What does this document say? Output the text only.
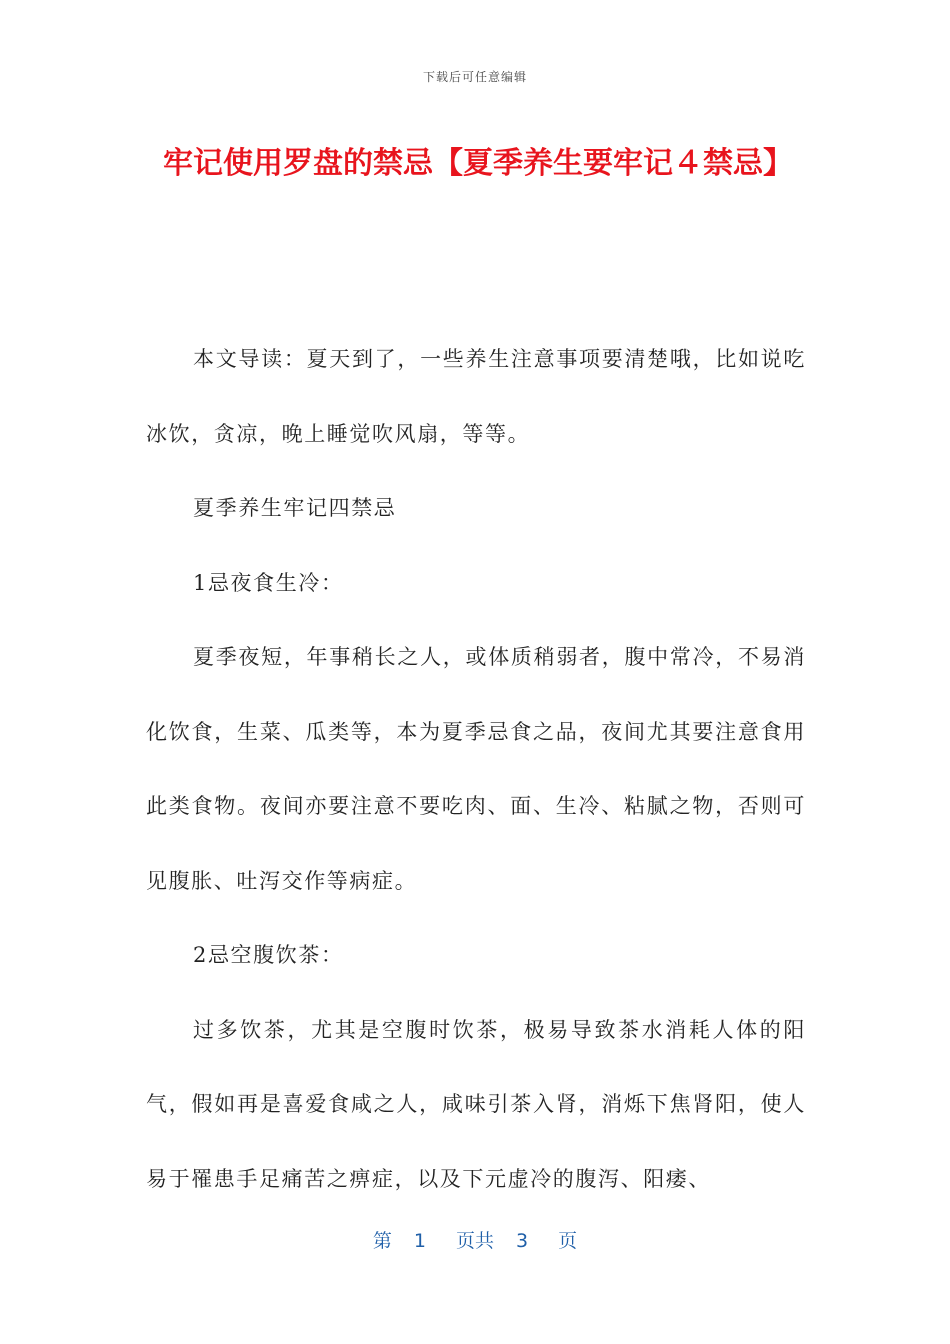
下载后可任意编辑
牢记使用罗盘的禁忌【夏季养生要牢记４禁忌】

本文导读：夏天到了，一些养生注意事项要清楚哦，比如说吃冰饮，贪凉，晚上睡觉吹风扇，等等。

夏季养生牢记四禁忌

1忌夜食生冷：

夏季夜短，年事稍长之人，或体质稍弱者，腹中常冷，不易消化饮食，生菜、瓜类等，本为夏季忌食之品，夜间尤其要注意食用此类食物。夜间亦要注意不要吃肉、面、生冷、粘腻之物，否则可见腹胀、吐泻交作等病症。

2忌空腹饮茶：

过多饮茶，尤其是空腹时饮茶，极易导致茶水消耗人体的阳气，假如再是喜爱食咸之人，咸味引茶入肾，消烁下焦肾阳，使人易于罹患手足痛苦之痹症，以及下元虚冷的腹泻、阳痿、

第 1 页共 3 页
